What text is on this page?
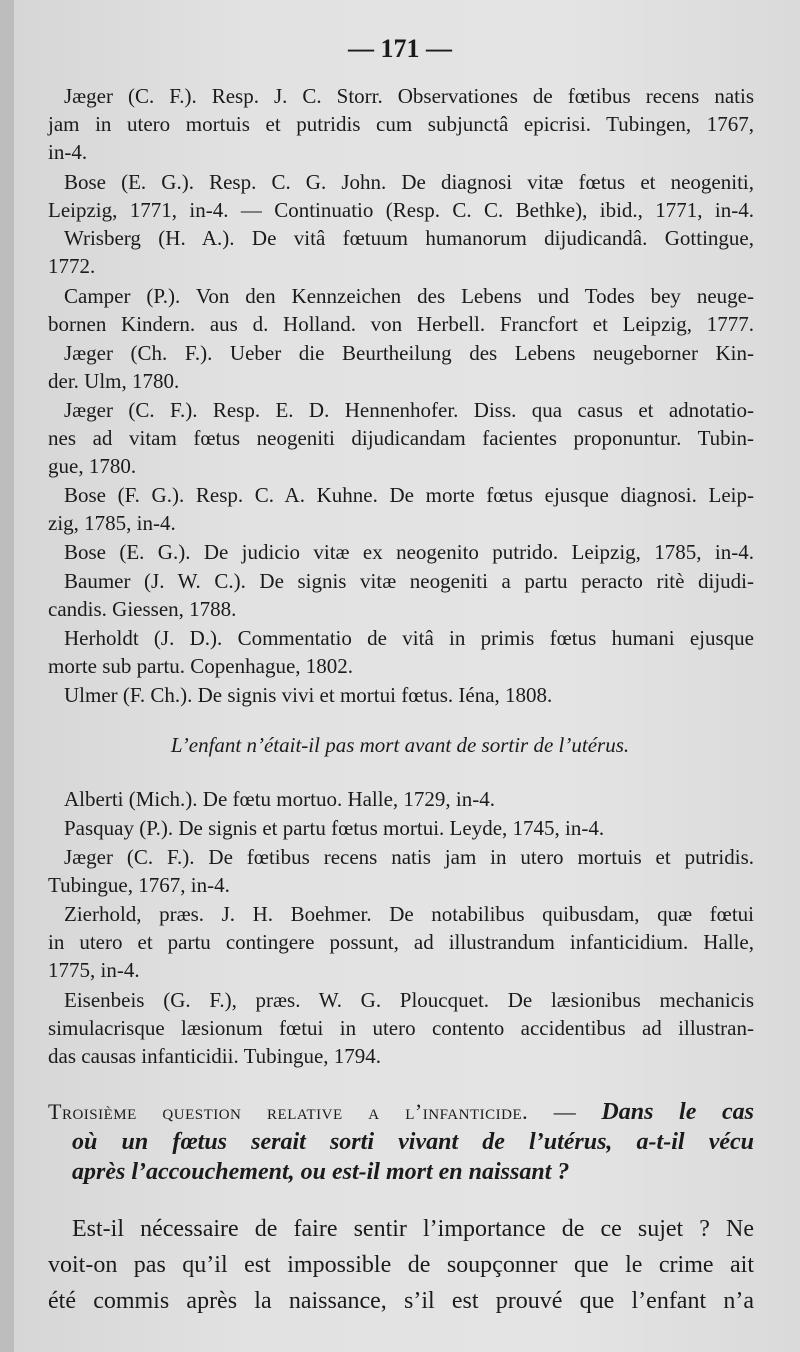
— 171 —
Jæger (C. F.). Resp. J. C. Storr. Observationes de fœtibus recens natis
jam in utero mortuis et putridis cum subjunctâ epicrisi. Tubingen, 1767,
in-4.
Bose (E. G.). Resp. C. G. John. De diagnosi vitæ fœtus et neogeniti,
Leipzig, 1771, in-4. — Continuatio (Resp. C. C. Bethke), ibid., 1771, in-4.
Wrisberg (H. A.). De vitâ fœtuum humanorum dijudicandâ. Gottingue,
1772.
Camper (P.). Von den Kennzeichen des Lebens und Todes bey neuge-
bornen Kindern. aus d. Holland. von Herbell. Francfort et Leipzig, 1777.
Jæger (Ch. F.). Ueber die Beurtheilung des Lebens neugeborner Kin-
der. Ulm, 1780.
Jæger (C. F.). Resp. E. D. Hennenhofer. Diss. qua casus et adnotatio-
nes ad vitam fœtus neogeniti dijudicandam facientes proponuntur. Tubin-
gue, 1780.
Bose (F. G.). Resp. C. A. Kuhne. De morte fœtus ejusque diagnosi. Leip-
zig, 1785, in-4.
Bose (E. G.). De judicio vitæ ex neogenito putrido. Leipzig, 1785, in-4.
Baumer (J. W. C.). De signis vitæ neogeniti a partu peracto ritè dijudi-
candis. Giessen, 1788.
Herholdt (J. D.). Commentatio de vitâ in primis fœtus humani ejusque
morte sub partu. Copenhague, 1802.
Ulmer (F. Ch.). De signis vivi et mortui fœtus. Iéna, 1808.
L’enfant n’était-il pas mort avant de sortir de l’utérus.
Alberti (Mich.). De fœtu mortuo. Halle, 1729, in-4.
Pasquay (P.). De signis et partu fœtus mortui. Leyde, 1745, in-4.
Jæger (C. F.). De fœtibus recens natis jam in utero mortuis et putridis.
Tubingue, 1767, in-4.
Zierhold, præs. J. H. Boehmer. De notabilibus quibusdam, quæ fœtui
in utero et partu contingere possunt, ad illustrandum infanticidium. Halle,
1775, in-4.
Eisenbeis (G. F.), præs. W. G. Ploucquet. De læsionibus mechanicis
simulacrisque læsionum fœtui in utero contento accidentibus ad illustran-
das causas infanticidii. Tubingue, 1794.
Troisième question relative a l’infanticide. — Dans le cas
où un fœtus serait sorti vivant de l’utérus, a-t-il vécu
après l’accouchement, ou est-il mort en naissant ?
Est-il nécessaire de faire sentir l’importance de ce sujet ? Ne
voit-on pas qu’il est impossible de soupçonner que le crime ait
été commis après la naissance, s’il est prouvé que l’enfant n’a
